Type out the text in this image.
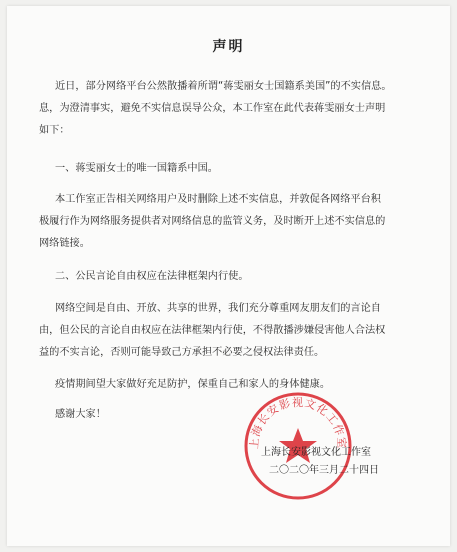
声明
近日，部分网络平台公然散播着所谓“蒋雯丽女士国籍系美国”的不实信息。
息，为澄清事实，避免不实信息误导公众，本工作室在此代表蒋雯丽女士声明
如下：
一、蒋雯丽女士的唯一国籍系中国。
本工作室正告相关网络用户及时删除上述不实信息，并敦促各网络平台积
极履行作为网络服务提供者对网络信息的监管义务，及时断开上述不实信息的
网络链接。
二、公民言论自由权应在法律框架内行使。
网络空间是自由、开放、共享的世界，我们充分尊重网友朋友们的言论自
由，但公民的言论自由权应在法律框架内行使，不得散播涉嫌侵害他人合法权
益的不实言论，否则可能导致己方承担不必要之侵权法律责任。
疫情期间望大家做好充足防护，保重自己和家人的身体健康。
感谢大家！
上海长安影视文化工作室
上海长安影视文化工作室
二〇二〇年三月二十四日
